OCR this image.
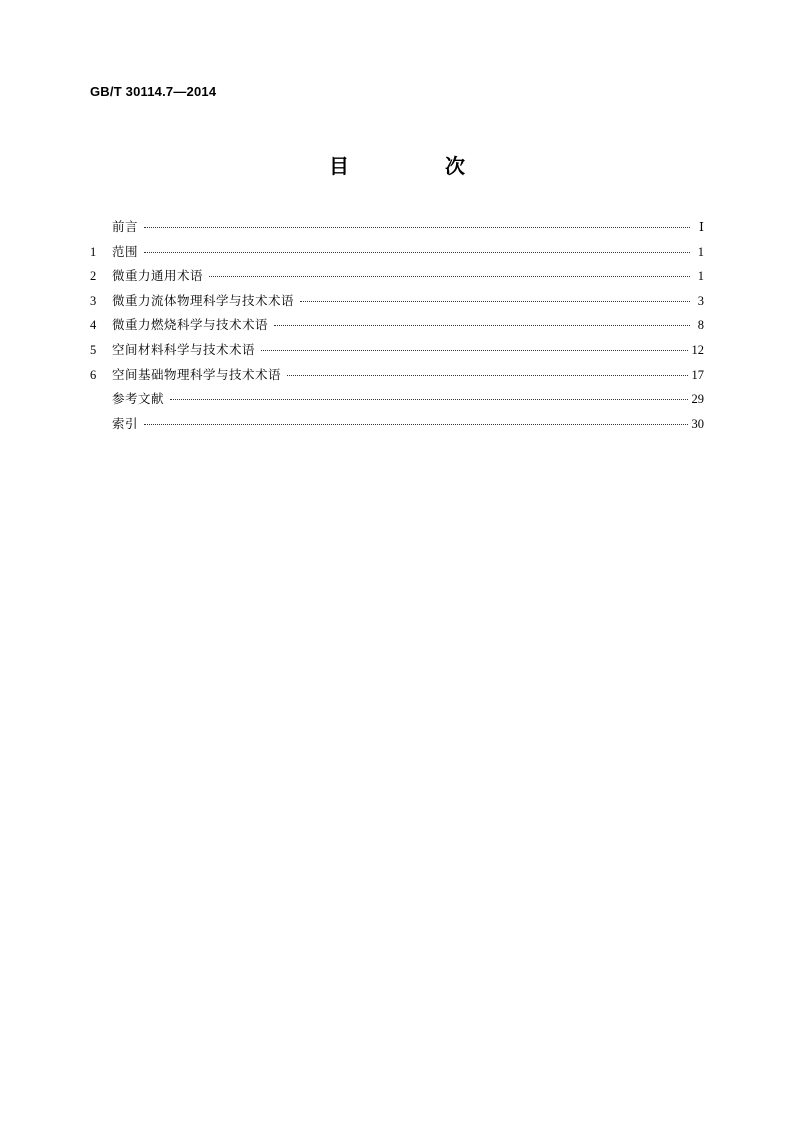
GB/T 30114.7—2014
目　次
前言	Ⅰ
1	范围	1
2	微重力通用术语	1
3	微重力流体物理科学与技术术语	3
4	微重力燃烧科学与技术术语	8
5	空间材料科学与技术术语	12
6	空间基础物理科学与技术术语	17
参考文献	29
索引	30
